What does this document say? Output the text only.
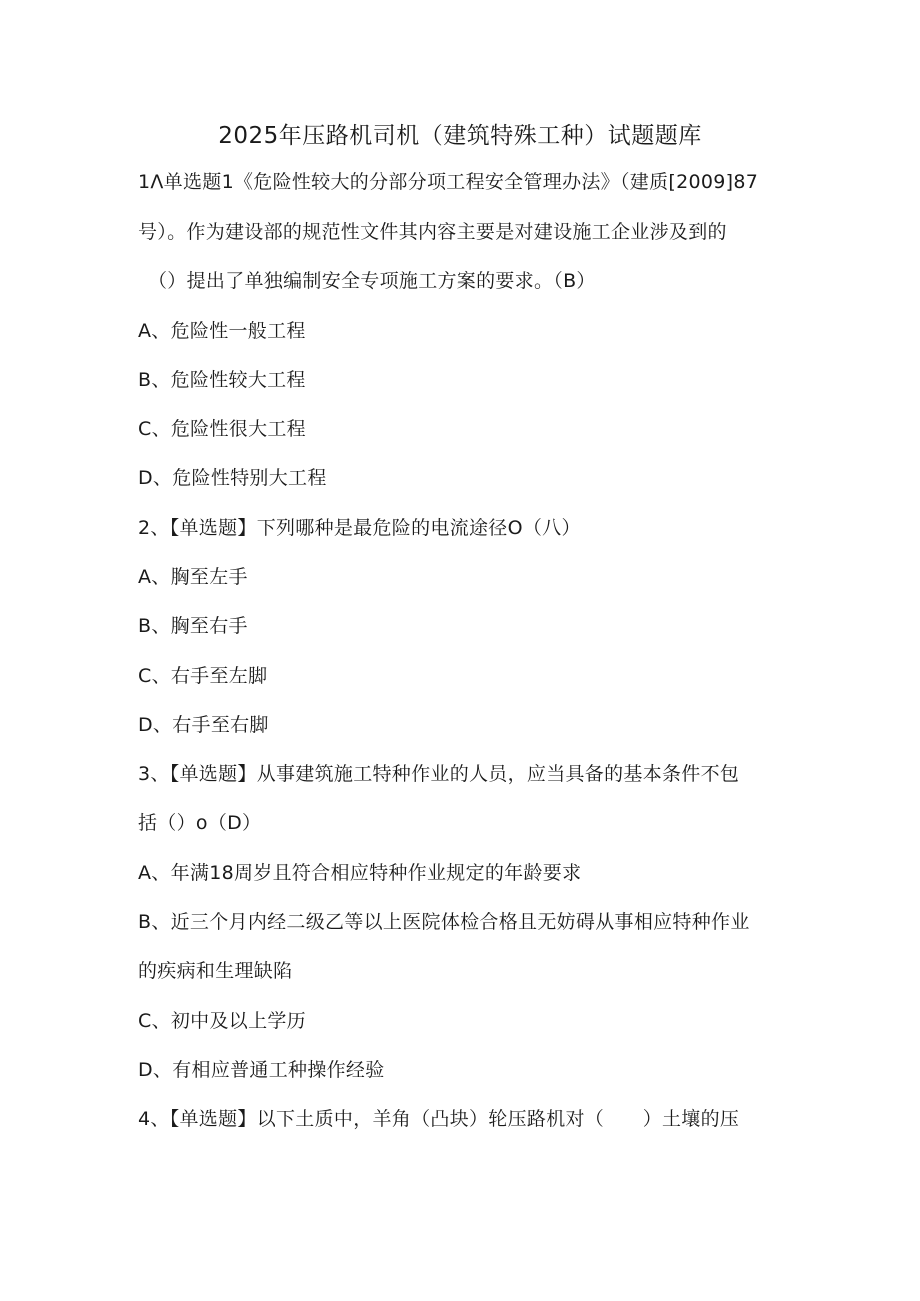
2025年压路机司机（建筑特殊工种）试题题库
1Λ单选题1《危险性较大的分部分项工程安全管理办法》（建质[2009]87
号）。作为建设部的规范性文件其内容主要是对建设施工企业涉及到的
（）提出了单独编制安全专项施工方案的要求。（B）
A、危险性一般工程
B、危险性较大工程
C、危险性很大工程
D、危险性特别大工程
2、【单选题】下列哪种是最危险的电流途径O（八）
A、胸至左手
B、胸至右手
C、右手至左脚
D、右手至右脚
3、【单选题】从事建筑施工特种作业的人员，应当具备的基本条件不包
括（）o（D）
A、年满18周岁且符合相应特种作业规定的年龄要求
B、近三个月内经二级乙等以上医院体检合格且无妨碍从事相应特种作业
的疾病和生理缺陷
C、初中及以上学历
D、有相应普通工种操作经验
4、【单选题】以下土质中，羊角（凸块）轮压路机对（　　）土壤的压
